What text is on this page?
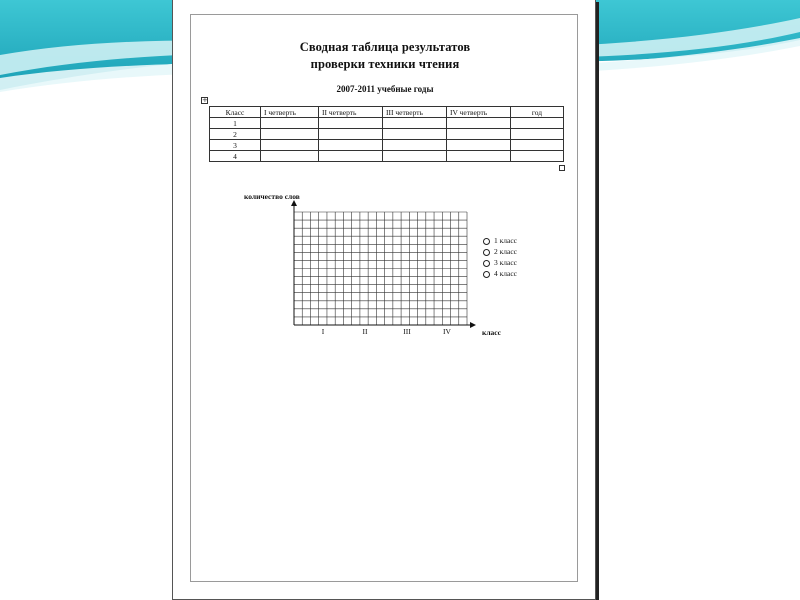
Сводная таблица результатов
проверки техники чтения
2007-2011 учебные годы
+
Класс	I четверть	II четверть	III четверть	IV четверть	год
1					
2					
3					
4					
количество слов
класс
I	II	III	IV
1 класс
2 класс
3 класс
4 класс
